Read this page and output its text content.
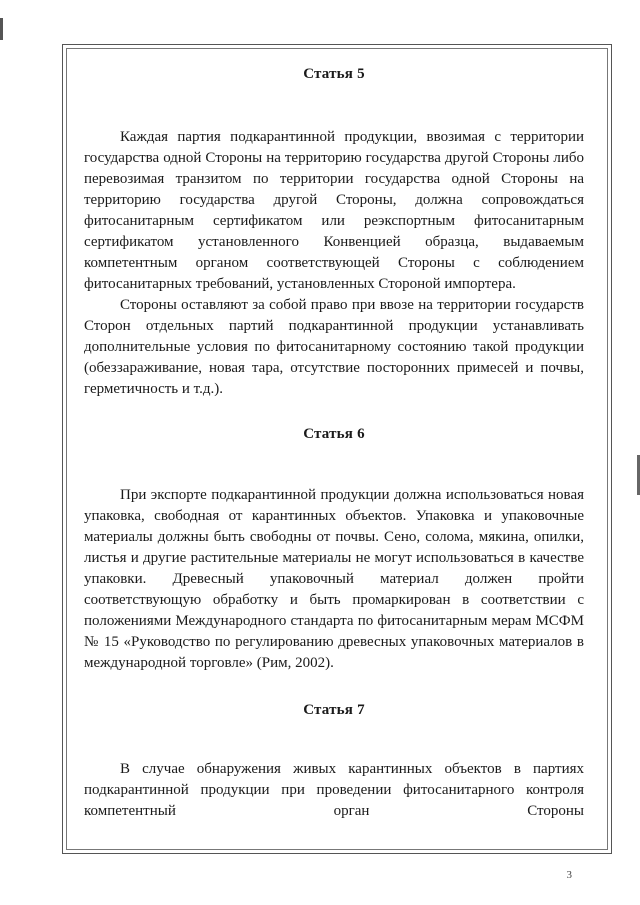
Статья 5

Каждая партия подкарантинной продукции, ввозимая с территории государства одной Стороны на территорию государства другой Стороны либо перевозимая транзитом по территории государства одной Стороны на территорию государства другой Стороны, должна сопровождаться фитосанитарным сертификатом или реэкспортным фитосанитарным сертификатом установленного Конвенцией образца, выдаваемым компетентным органом соответствующей Стороны с соблюдением фитосанитарных требований, установленных Стороной импортера.

Стороны оставляют за собой право при ввозе на территории государств Сторон отдельных партий подкарантинной продукции устанавливать дополнительные условия по фитосанитарному состоянию такой продукции (обеззараживание, новая тара, отсутствие посторонних примесей и почвы, герметичность и т.д.).

Статья 6

При экспорте подкарантинной продукции должна использоваться новая упаковка, свободная от карантинных объектов. Упаковка и упаковочные материалы должны быть свободны от почвы. Сено, солома, мякина, опилки, листья и другие растительные материалы не могут использоваться в качестве упаковки. Древесный упаковочный материал должен пройти соответствующую обработку и быть промаркирован в соответствии с положениями Международного стандарта по фитосанитарным мерам МСФМ № 15 «Руководство по регулированию древесных упаковочных материалов в международной торговле» (Рим, 2002).

Статья 7

В случае обнаружения живых карантинных объектов в партиях подкарантинной продукции при проведении фитосанитарного контроля компетентный орган Стороны

3
